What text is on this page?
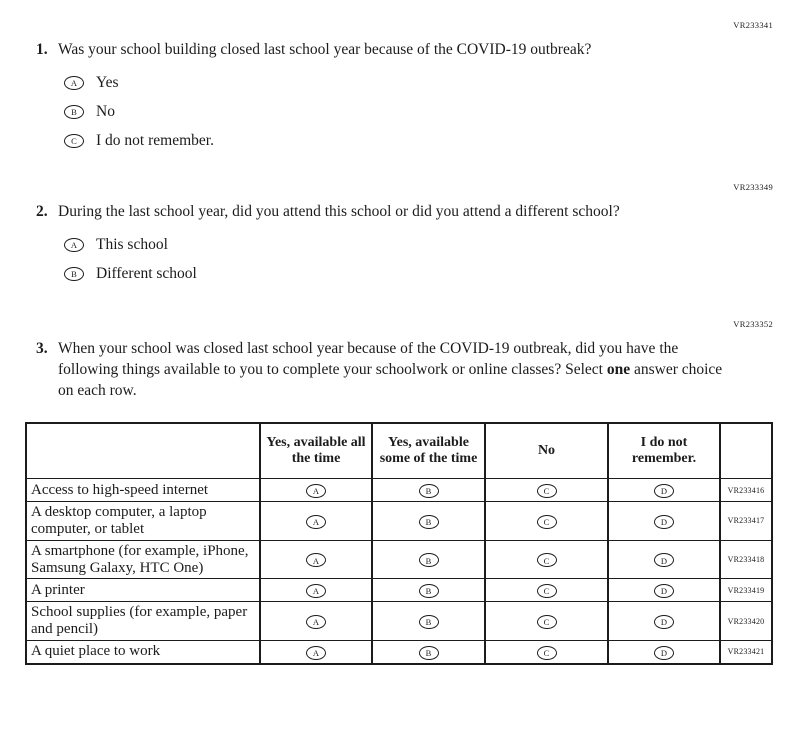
VR233341
1. Was your school building closed last school year because of the COVID-19 outbreak?
A Yes
B No
C I do not remember.
VR233349
2. During the last school year, did you attend this school or did you attend a different school?
A This school
B Different school
VR233352
3. When your school was closed last school year because of the COVID-19 outbreak, did you have the following things available to you to complete your schoolwork or online classes? Select one answer choice on each row.
	Yes, available all the time	Yes, available some of the time	No	I do not remember.	
Access to high-speed internet	A	B	C	D	VR233416
A desktop computer, a laptop computer, or tablet	A	B	C	D	VR233417
A smartphone (for example, iPhone, Samsung Galaxy, HTC One)	A	B	C	D	VR233418
A printer	A	B	C	D	VR233419
School supplies (for example, paper and pencil)	A	B	C	D	VR233420
A quiet place to work	A	B	C	D	VR233421
